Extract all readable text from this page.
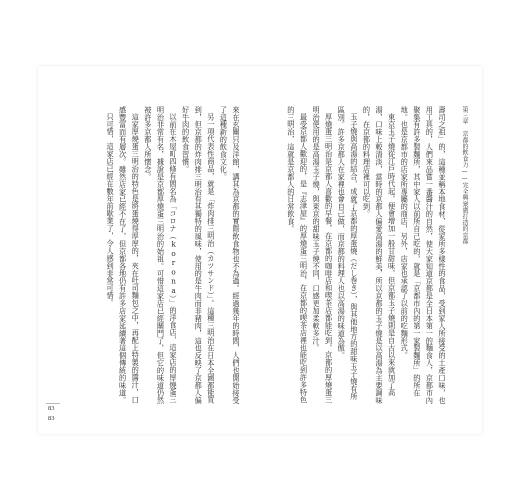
來在玄關只及洋館，講其為京都的實際飲食物也不為過。經過幾年的時間，人們也開始接受了這種新的飲食文化。

另一項代表性商品，就是「炸肉排三明治（カツサンド）」。這種三明治在日本全國都能買到，但京都的炸肉排三明治有其獨特的風味，使用的是牛肉而非豬肉，這也反映了京都人偏好牛肉的飲食習慣。

以前在木屋町四條有間名為「コロナ（korona）」的洋食店，這家店的厚燒蛋三明治非常有名，據說是京都厚燒蛋三明治的始祖。可惜這家店已經關門了，但它的味道仍然被許多京都人所懷念。

這家厚燒蛋三明治的特色是將蛋燒得厚厚的，夾在吐司麵包之中，再配上特製的醬汁，口感豐富而有層次。雖然店家已經不在了，但京都各地仍有許多店家延續著這個傳統的味道。

只可惜，這家店已經在數年前歇業了，令人感到非常可惜。

83
83
第三章　京都的飲食力——完全興衆廣打造的京都

壽司之祖」的，這種並稱本地食材，從家所多樣性的食品，受到家人所接受的土產口味，也用工具的，人們來品嘗一番醬汁的自然，使大家知道京都是全日本第一的麵食人，京都市內聚集有許多製麵所，其中家人以前所自己吃的，就是「京都市內的第一家製麵所」的所在地。也是京都市的店家所專屬的商店，另外，店家也承認了以前的吃麵形式。

東京玉子燒從江戶時代起，便會增加一般甘甜味，但京都玉子燒則是自古以來就加了高湯，口味上較清淡，當時的京都人偏愛高湯的鮮美，所以京都的玉子燒是以高湯為主要調味的，在京都的料理店裡可以吃到。

玉子燒與高湯的結合，成就了京都的厚蛋燒（だし巻き），與其他地方的甜味玉子燒有所區別。許多京都人在家裡也會自己做，而京都的料理人也以高湯的味道為傲。

厚燒蛋三明治是京都人喜歡的早餐，在京都的咖啡店和喫茶店都能吃到，京都的厚燒蛋三明治使用的是高湯玉子燒，與東京的甜味玉子燒不同，口感更加柔軟多汁。

最受京都人歡迎的，是『志津屋』的厚燒蛋三明治，在京都的喫茶店裡也能吃到許多特色的三明治，這就是京都人的日常飲食。
